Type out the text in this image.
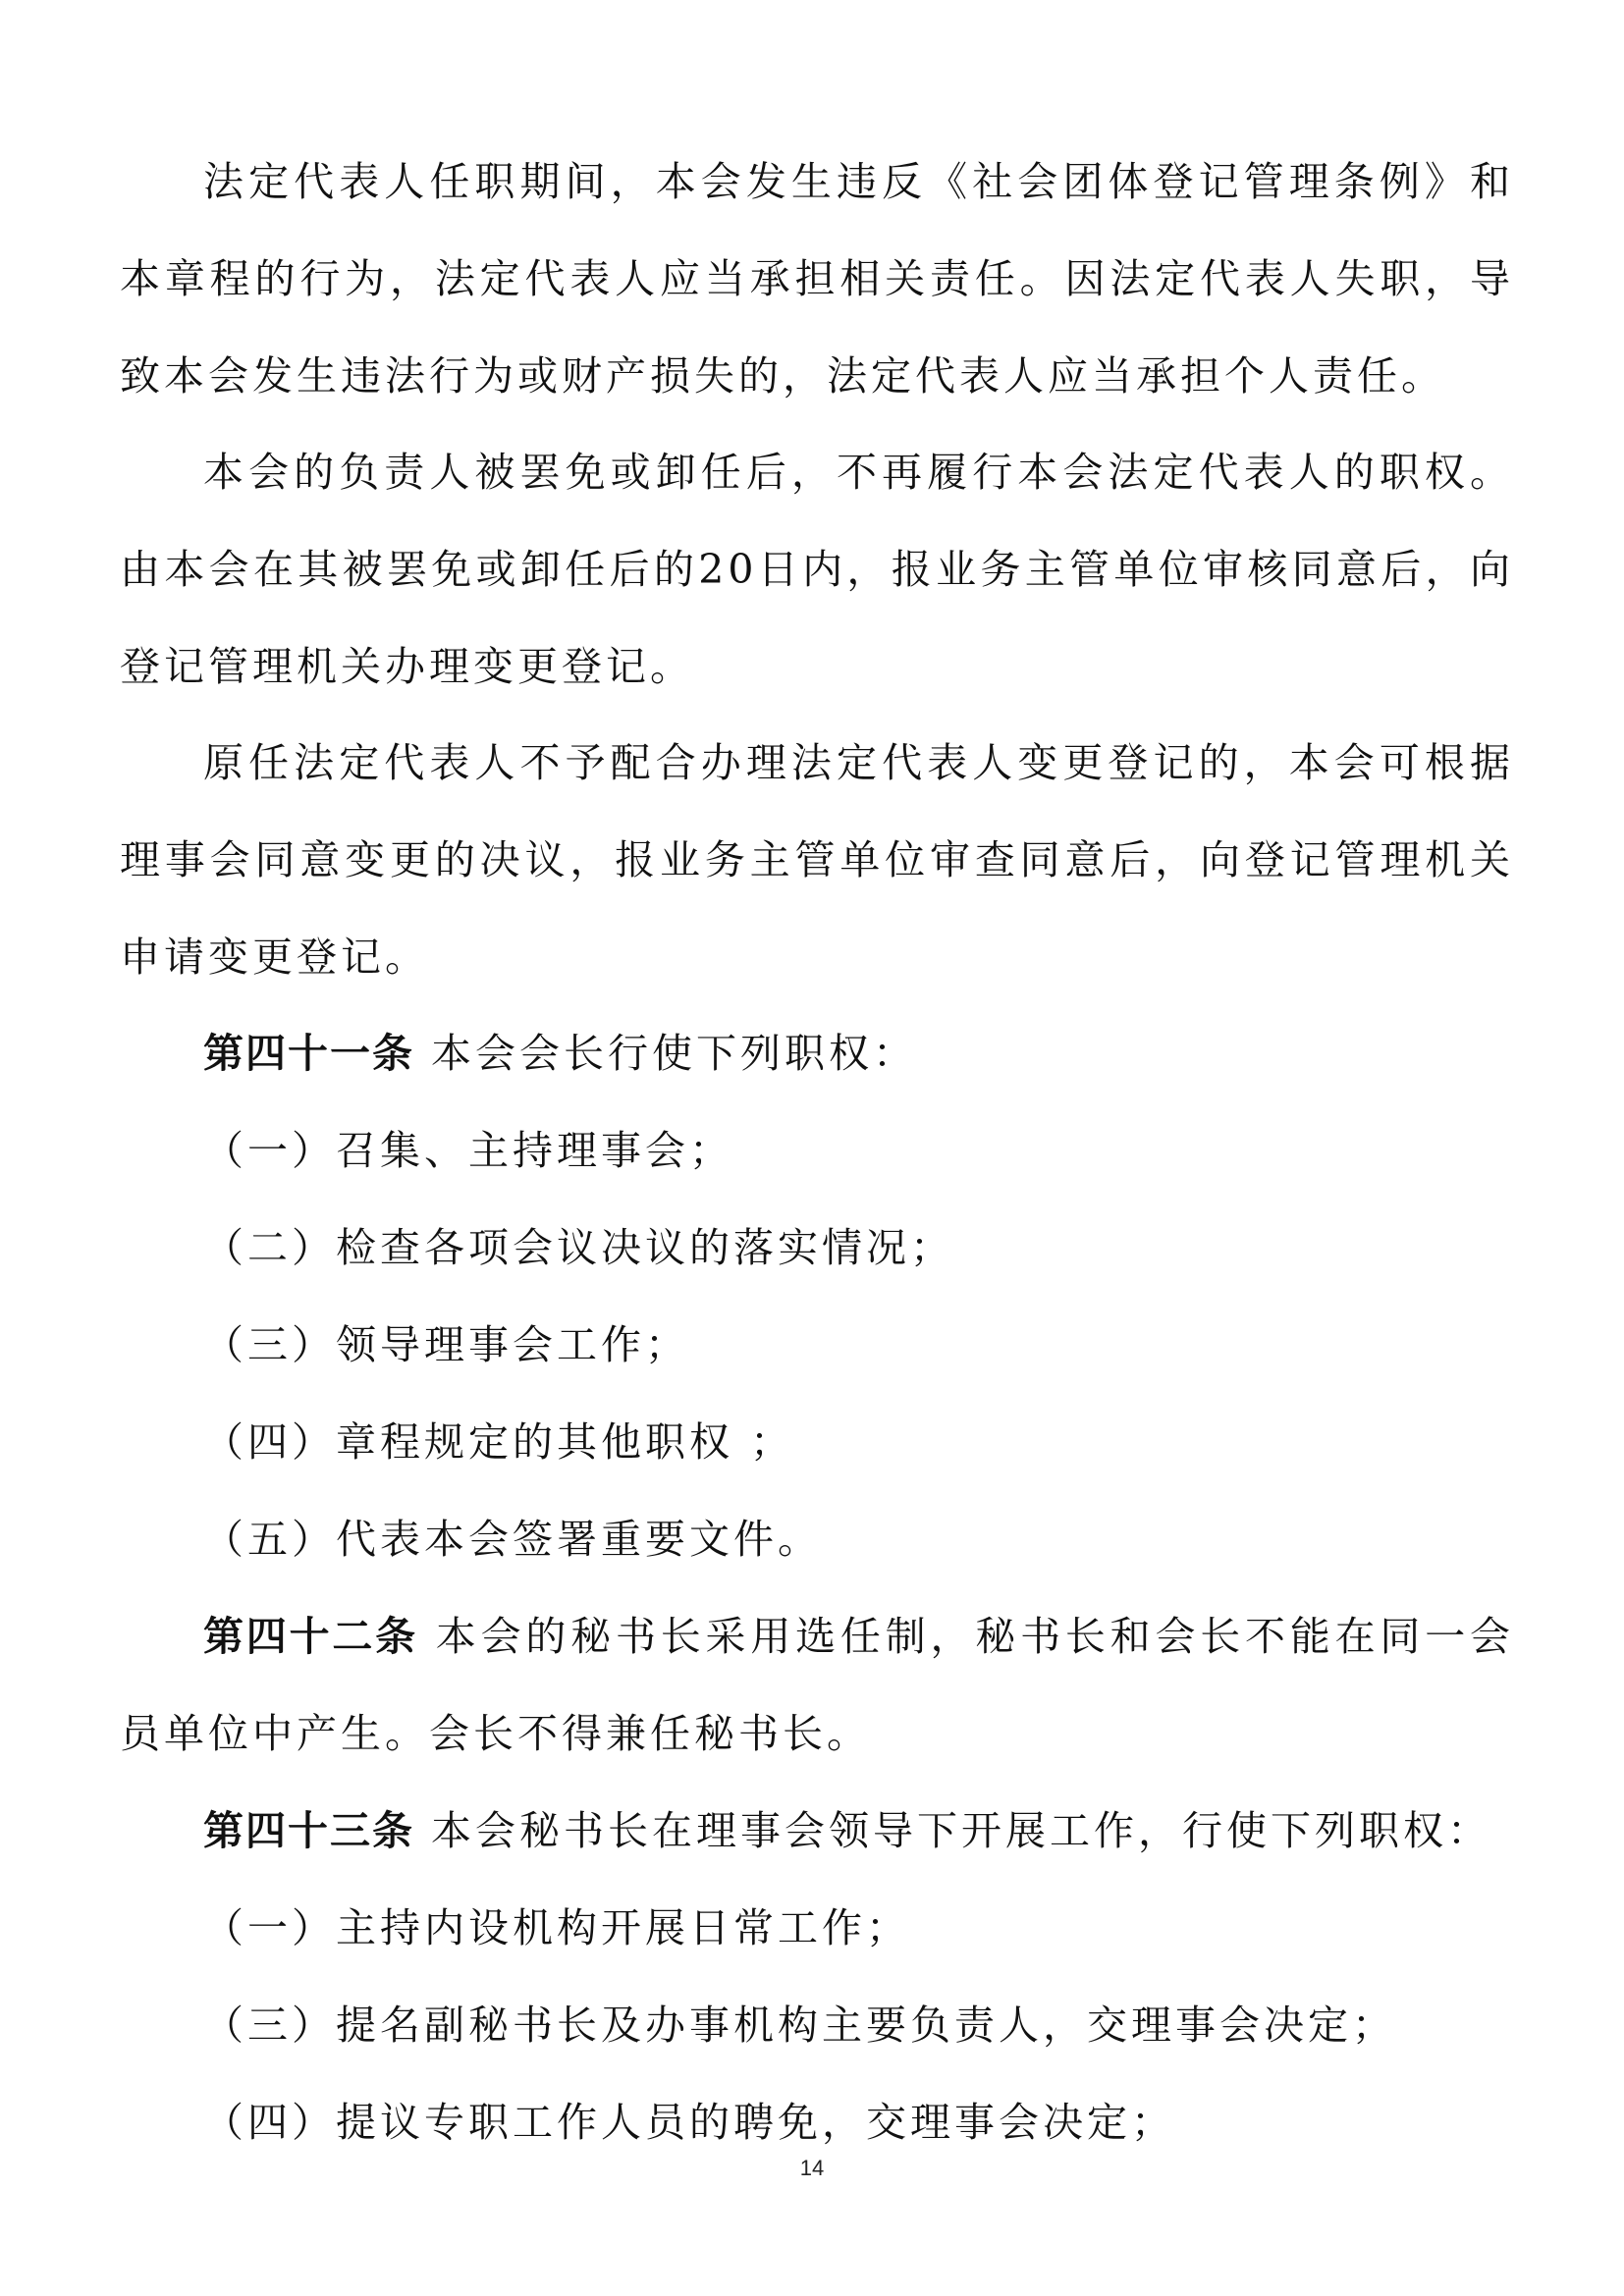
法定代表人任职期间，本会发生违反《社会团体登记管理条例》和本章程的行为，法定代表人应当承担相关责任。因法定代表人失职，导致本会发生违法行为或财产损失的，法定代表人应当承担个人责任。

本会的负责人被罢免或卸任后，不再履行本会法定代表人的职权。由本会在其被罢免或卸任后的20日内，报业务主管单位审核同意后，向登记管理机关办理变更登记。

原任法定代表人不予配合办理法定代表人变更登记的，本会可根据理事会同意变更的决议，报业务主管单位审查同意后，向登记管理机关申请变更登记。

第四十一条 本会会长行使下列职权：

（一）召集、主持理事会；

（二）检查各项会议决议的落实情况；

（三）领导理事会工作；

（四）章程规定的其他职权 ；

（五）代表本会签署重要文件。

第四十二条 本会的秘书长采用选任制，秘书长和会长不能在同一会员单位中产生。会长不得兼任秘书长。

第四十三条 本会秘书长在理事会领导下开展工作，行使下列职权：

（一）主持内设机构开展日常工作；

（三）提名副秘书长及办事机构主要负责人，交理事会决定；

（四）提议专职工作人员的聘免，交理事会决定；

14
